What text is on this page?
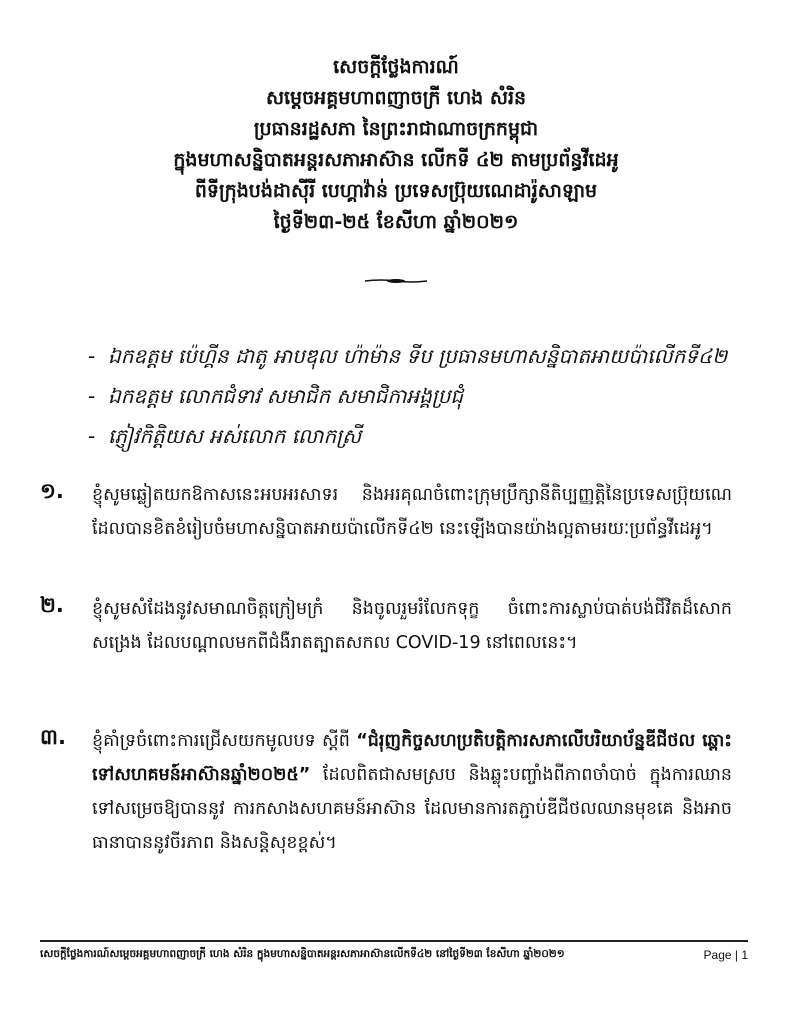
សេចក្តីថ្លែងការណ៍
សម្តេចអគ្គមហាពញាចក្រី ហេង សំរិន
ប្រធានរដ្ឋសភា នៃព្រះរាជាណាចក្រកម្ពុជា
ក្នុងមហាសន្និបាតអន្តរសភាអាស៊ាន លើកទី ៤២ តាមប្រព័ន្ធវីដេអូ
ពីទីក្រុងបង់ដាស៊ីរី បេហ្គាវ៉ាន់ ប្រទេសប្រ៊ុយណេដារ៉ូសាឡាម
ថ្ងៃទី២៣-២៥ ខែសីហា ឆ្នាំ២០២១
- ឯកឧត្តម ប៉េហ្គីន ដាតូ អាបឌុល ហ៉ាម៉ាន ទីប ប្រធានមហាសន្និបាតអាយប៉ាលើកទី៤២
- ឯកឧត្តម លោកជំទាវ សមាជិក សមាជិកាអង្គប្រជុំ
- ភ្ញៀវកិត្តិយស អស់លោក លោកស្រី
១. ខ្ញុំសូមឆ្លៀតយកឱកាសនេះអបអរសាទរ និងអរគុណចំពោះក្រុមប្រឹក្សានីតិប្បញ្ញត្តិនៃប្រទេសប្រ៊ុយណេ ដែលបានខិតខំរៀបចំមហាសន្និបាតអាយប៉ាលើកទី៤២ នេះឡើងបានយ៉ាងល្អតាមរយៈប្រព័ន្ធវីដេអូ។
២. ខ្ញុំសូមសំដែងនូវសមាណចិត្តក្រៀមក្រំ និងចូលរួមរំលែកទុក្ខ ចំពោះការស្លាប់បាត់បង់ជីវិតដ៏សោកសង្រេង ដែលបណ្តាលមកពីជំងឺរាតត្បាតសកល COVID-19 នៅពេលនេះ។
៣. ខ្ញុំគាំទ្រចំពោះការជ្រើសយកមូលបទ ស្តីពី “ជំរុញកិច្ចសហប្រតិបត្តិការសភាលើបរិយាប័ន្នឌីជីថល ឆ្ពោះទៅសហគមន៍អាស៊ានឆ្នាំ២០២៥” ដែលពិតជាសមស្រប និងឆ្លុះបញ្ចាំងពីភាពចាំបាច់ ក្នុងការឈានទៅសម្រេចឱ្យបាននូវ ការកសាងសហគមន៍អាស៊ាន ដែលមានការតភ្ជាប់ឌីជីថលឈានមុខគេ និងអាចធានាបាននូវចីរភាព និងសន្តិសុខខ្ពស់។
សេចក្តីថ្លែងការណ៍សម្តេចអគ្គមហាពញាចក្រី ហេង សំរិន ក្នុងមហាសន្និបាតអន្តរសភាអាស៊ានលើកទី៤២ នៅថ្ងៃទី២៣ ខែសីហា ឆ្នាំ២០២១	Page | 1
